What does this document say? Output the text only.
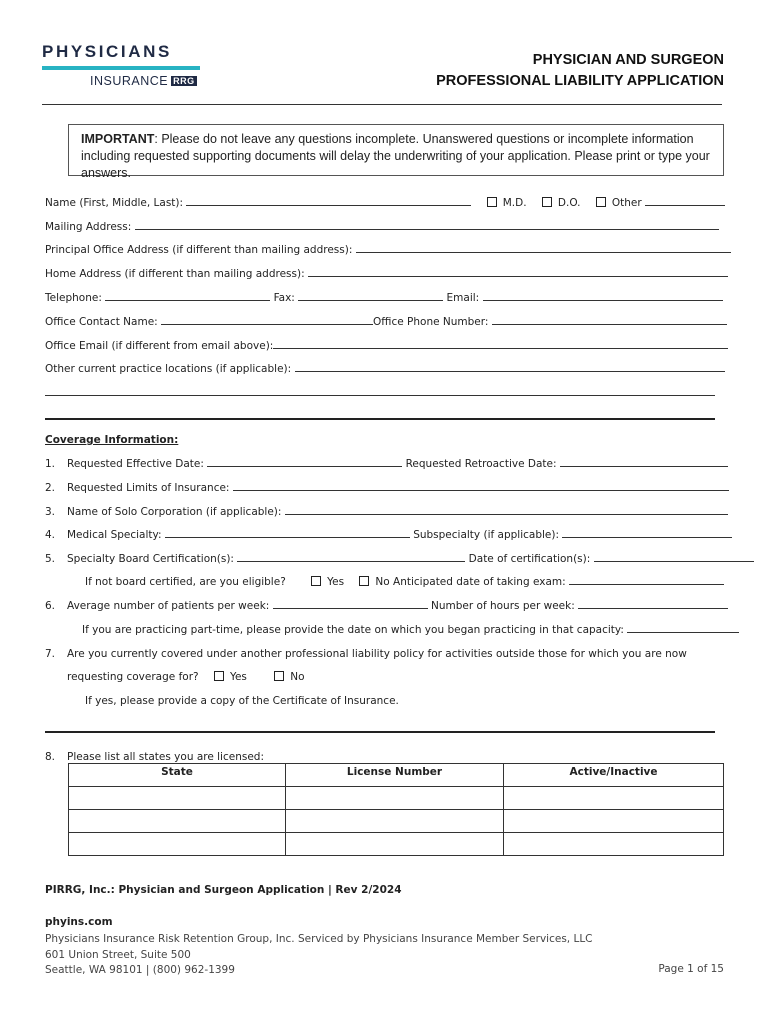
PHYSICIANS
INSURANCE RRG
PHYSICIAN AND SURGEON
PROFESSIONAL LIABILITY APPLICATION
IMPORTANT: Please do not leave any questions incomplete. Unanswered questions or incomplete information including requested supporting documents will delay the underwriting of your application. Please print or type your answers.
Name (First, Middle, Last):	M.D.	D.O.	Other
Mailing Address:
Principal Office Address (if different than mailing address):
Home Address (if different than mailing address):
Telephone:	Fax:	Email:
Office Contact Name:	Office Phone Number:
Office Email (if different from email above):
Other current practice locations (if applicable):
Coverage Information:
1. Requested Effective Date:	Requested Retroactive Date:
2. Requested Limits of Insurance:
3. Name of Solo Corporation (if applicable):
4. Medical Specialty:	Subspecialty (if applicable):
5. Specialty Board Certification(s):	Date of certification(s):
If not board certified, are you eligible?	Yes	No Anticipated date of taking exam:
6. Average number of patients per week:	Number of hours per week:
If you are practicing part-time, please provide the date on which you began practicing in that capacity:
7. Are you currently covered under another professional liability policy for activities outside those for which you are now
requesting coverage for?	Yes	No
If yes, please provide a copy of the Certificate of Insurance.
8. Please list all states you are licensed:
State	License Number	Active/Inactive

PIRRG, Inc.: Physician and Surgeon Application | Rev 2/2024
phyins.com
Physicians Insurance Risk Retention Group, Inc. Serviced by Physicians Insurance Member Services, LLC
601 Union Street, Suite 500
Seattle, WA 98101 | (800) 962-1399	Page 1 of 15
